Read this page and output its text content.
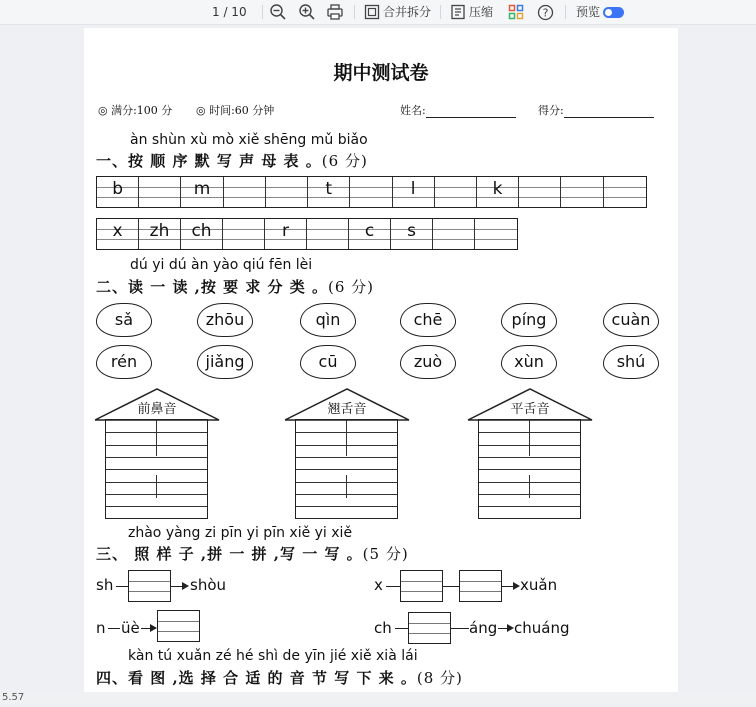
1 / 10	合并拆分	压缩	? 预览
期中测试卷
◎ 满分:100 分 ◎ 时间:60 分钟	姓名:	得分:
àn shùn xù mò xiě shēng mǔ biǎo
一、按 顺 序 默 写 声 母 表 。(6 分)
b	m	t	l	k
x	zh	ch	r	c	s
dú yi dú àn yào qiú fēn lèi
二、读 一 读 ,按 要 求 分 类 。(6 分)
sǎ	zhōu	qìn	chē	píng	cuàn
rén	jiǎng	cū	zuò	xùn	shú
前鼻音	翘舌音	平舌音
zhào yàng zi pīn yi pīn xiě yi xiě
三、 照 样 子 ,拼 一 拼 ,写 一 写 。(5 分)
sh	shòu	x	xuǎn
n üè	ch	áng chuáng
kàn tú xuǎn zé hé shì de yīn jié xiě xià lái
四、看 图 ,选 择 合 适 的 音 节 写 下 来 。(8 分)
5.57
